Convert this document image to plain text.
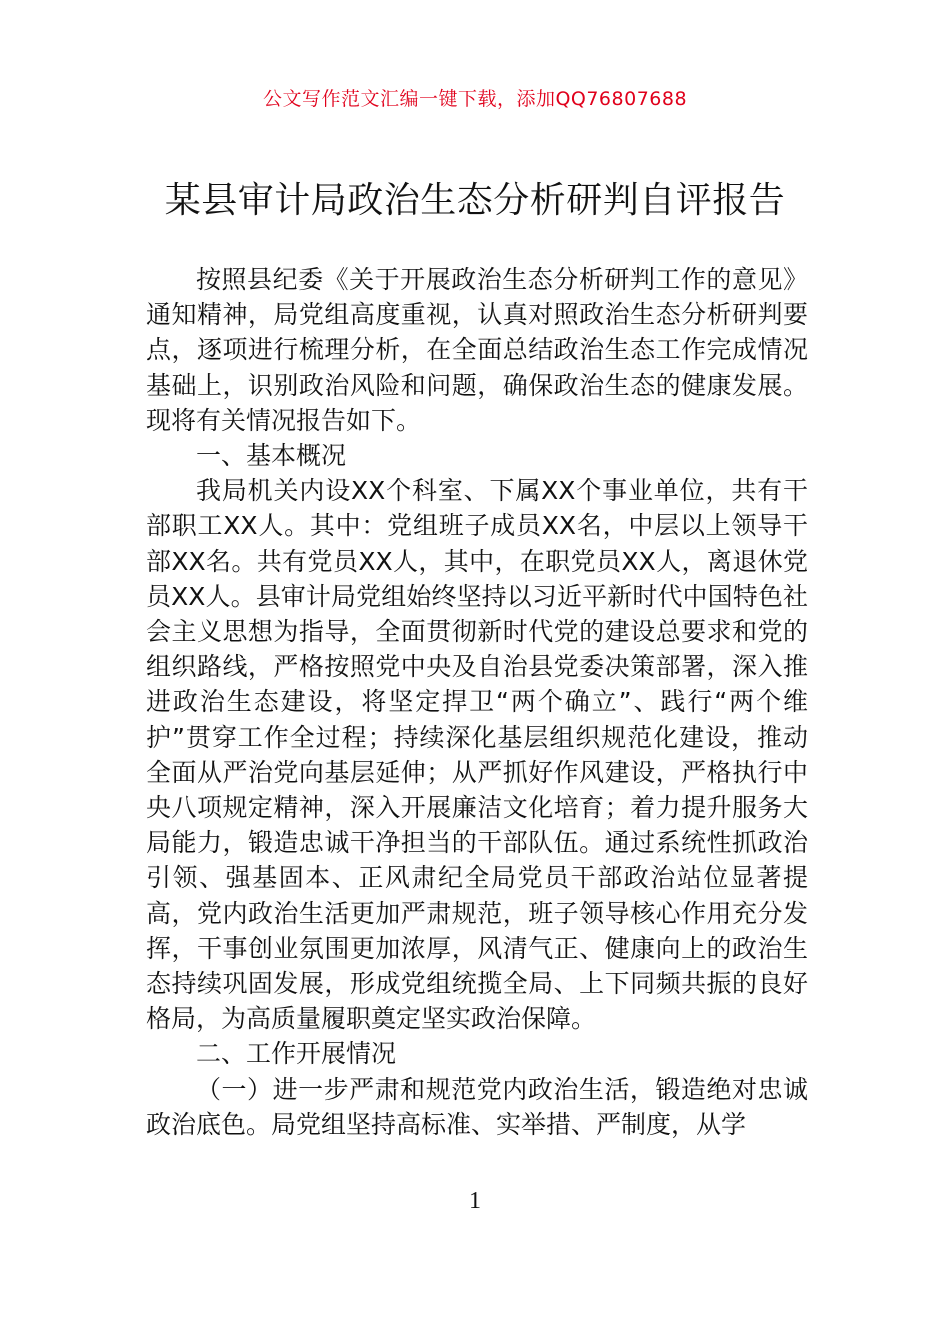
公文写作范文汇编一键下载，添加QQ76807688
某县审计局政治生态分析研判自评报告

按照县纪委《关于开展政治生态分析研判工作的意见》通知精神，局党组高度重视，认真对照政治生态分析研判要点，逐项进行梳理分析，在全面总结政治生态工作完成情况基础上，识别政治风险和问题，确保政治生态的健康发展。现将有关情况报告如下。

一、基本概况

我局机关内设XX个科室、下属XX个事业单位，共有干部职工XX人。其中：党组班子成员XX名，中层以上领导干部XX名。共有党员XX人，其中，在职党员XX人，离退休党员XX人。县审计局党组始终坚持以习近平新时代中国特色社会主义思想为指导，全面贯彻新时代党的建设总要求和党的组织路线，严格按照党中央及自治县党委决策部署，深入推进政治生态建设，将坚定捍卫“两个确立”、践行“两个维护”贯穿工作全过程；持续深化基层组织规范化建设，推动全面从严治党向基层延伸；从严抓好作风建设，严格执行中央八项规定精神，深入开展廉洁文化培育；着力提升服务大局能力，锻造忠诚干净担当的干部队伍。通过系统性抓政治引领、强基固本、正风肃纪全局党员干部政治站位显著提高，党内政治生活更加严肃规范，班子领导核心作用充分发挥，干事创业氛围更加浓厚，风清气正、健康向上的政治生态持续巩固发展，形成党组统揽全局、上下同频共振的良好格局，为高质量履职奠定坚实政治保障。

二、工作开展情况

（一）进一步严肃和规范党内政治生活，锻造绝对忠诚政治底色。局党组坚持高标准、实举措、严制度，从学

1
